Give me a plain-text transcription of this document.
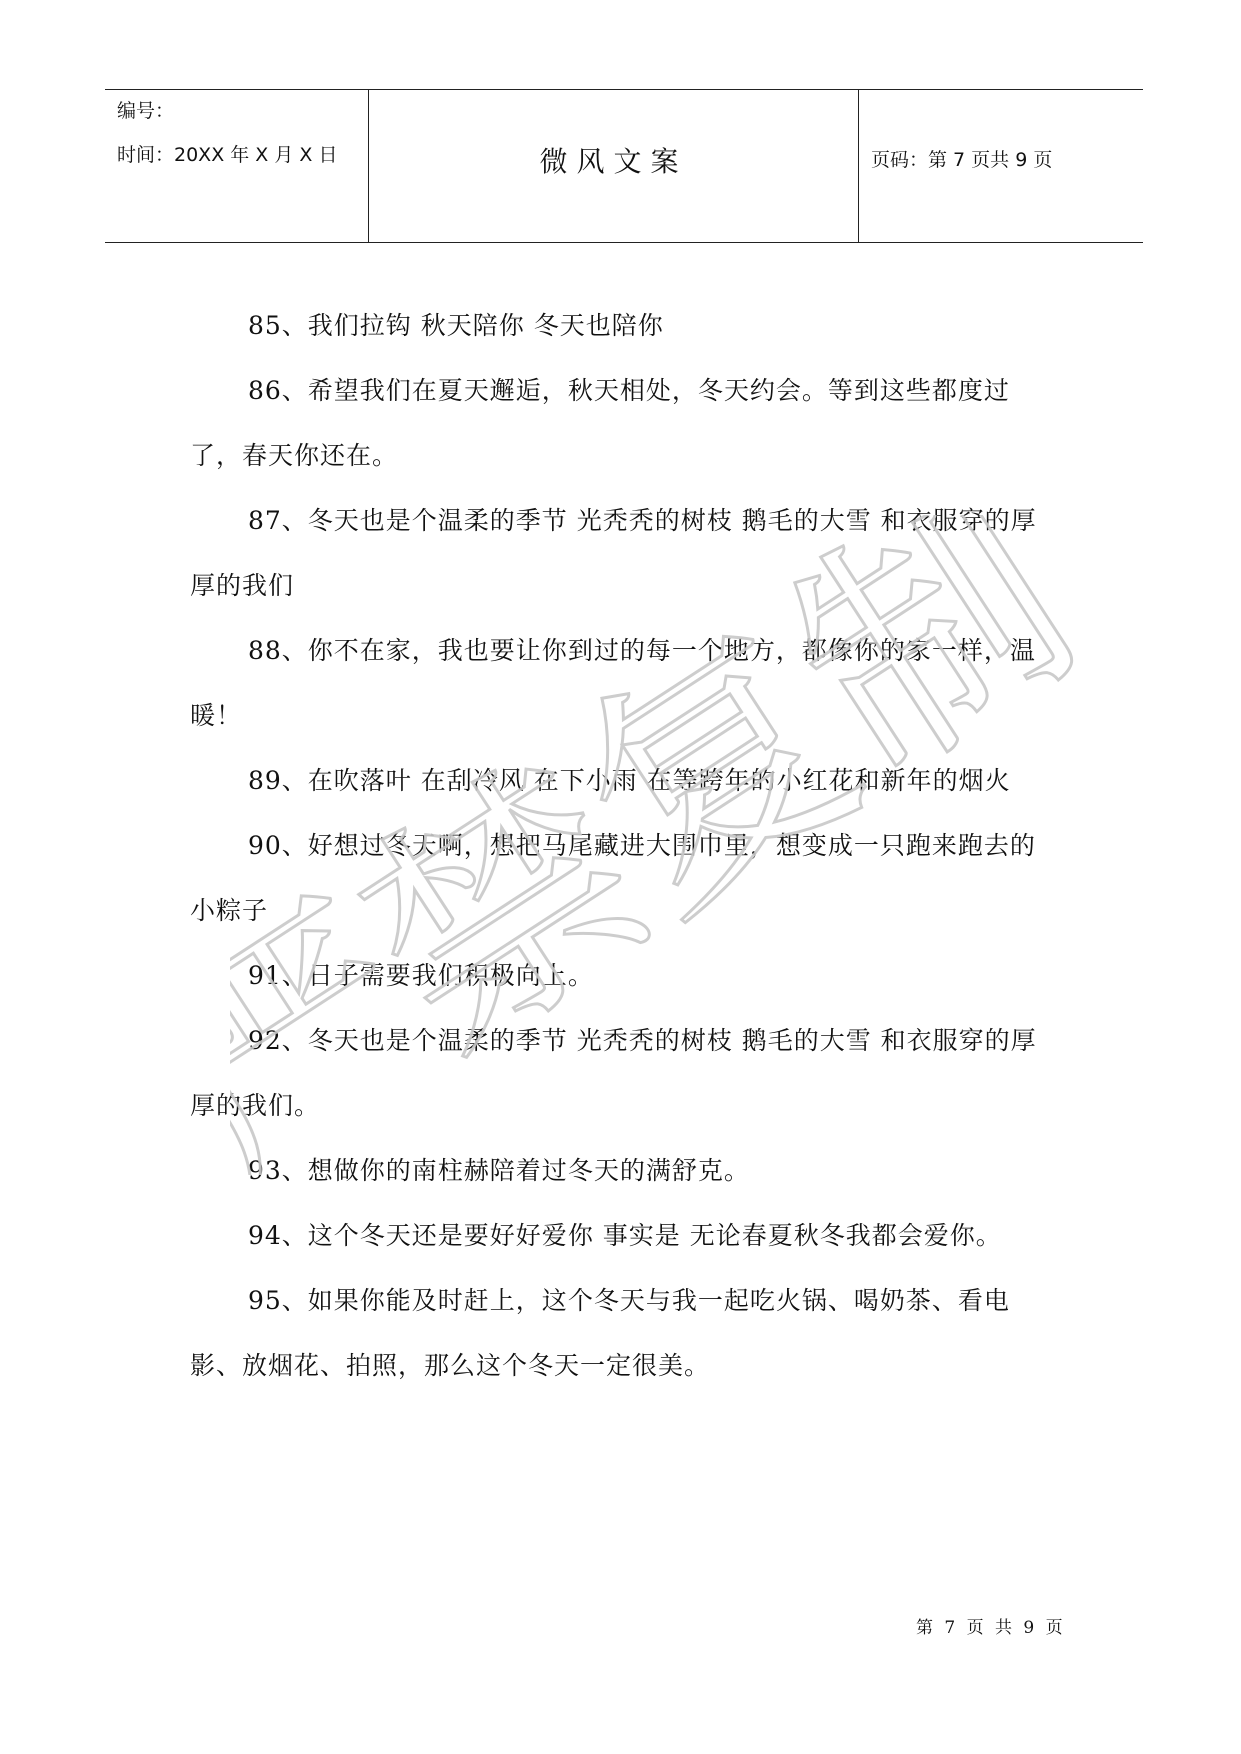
编号：
时间：20XX 年 X 月 X 日	微风文案	页码：第 7 页共 9 页

85、我们拉钩 秋天陪你 冬天也陪你

86、希望我们在夏天邂逅，秋天相处，冬天约会。等到这些都度过了，春天你还在。

87、冬天也是个温柔的季节 光秃秃的树枝 鹅毛的大雪 和衣服穿的厚厚的我们

88、你不在家，我也要让你到过的每一个地方，都像你的家一样，温暖！

89、在吹落叶 在刮冷风 在下小雨 在等跨年的小红花和新年的烟火

90、好想过冬天啊，想把马尾藏进大围巾里，想变成一只跑来跑去的小粽子

91、日子需要我们积极向上。

92、冬天也是个温柔的季节 光秃秃的树枝 鹅毛的大雪 和衣服穿的厚厚的我们。

93、想做你的南柱赫陪着过冬天的满舒克。

94、这个冬天还是要好好爱你 事实是 无论春夏秋冬我都会爱你。

95、如果你能及时赶上，这个冬天与我一起吃火锅、喝奶茶、看电影、放烟花、拍照，那么这个冬天一定很美。

严禁复制
第 7 页 共 9 页
